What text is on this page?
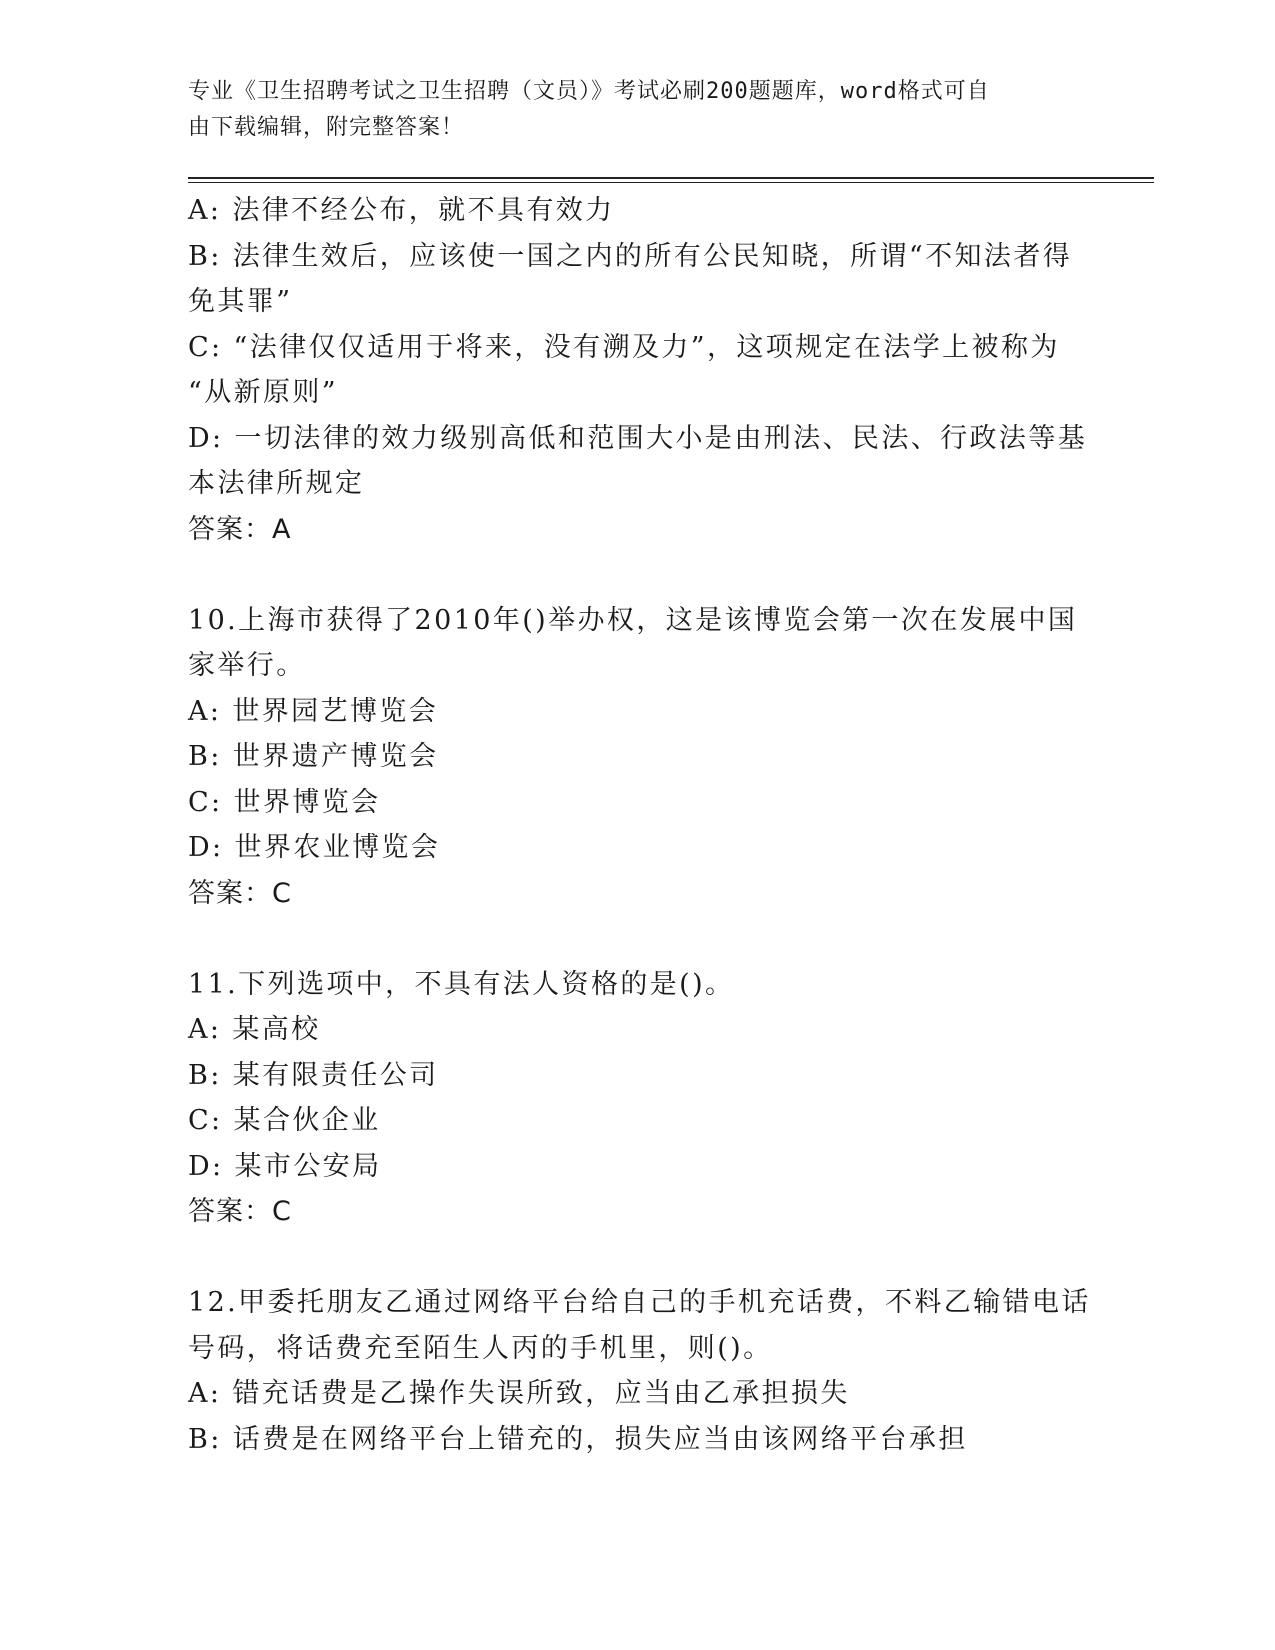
专业《卫生招聘考试之卫生招聘（文员）》考试必刷200题题库，word格式可自
由下载编辑，附完整答案！
A: 法律不经公布，就不具有效力
B: 法律生效后，应该使一国之内的所有公民知晓，所谓“不知法者得
免其罪”
C: “法律仅仅适用于将来，没有溯及力”，这项规定在法学上被称为
“从新原则”
D: 一切法律的效力级别高低和范围大小是由刑法、民法、行政法等基
本法律所规定
答案：A
10.上海市获得了2010年()举办权，这是该博览会第一次在发展中国
家举行。
A: 世界园艺博览会
B: 世界遗产博览会
C: 世界博览会
D: 世界农业博览会
答案：C
11.下列选项中，不具有法人资格的是()。
A: 某高校
B: 某有限责任公司
C: 某合伙企业
D: 某市公安局
答案：C
12.甲委托朋友乙通过网络平台给自己的手机充话费，不料乙输错电话
号码，将话费充至陌生人丙的手机里，则()。
A: 错充话费是乙操作失误所致，应当由乙承担损失
B: 话费是在网络平台上错充的，损失应当由该网络平台承担
